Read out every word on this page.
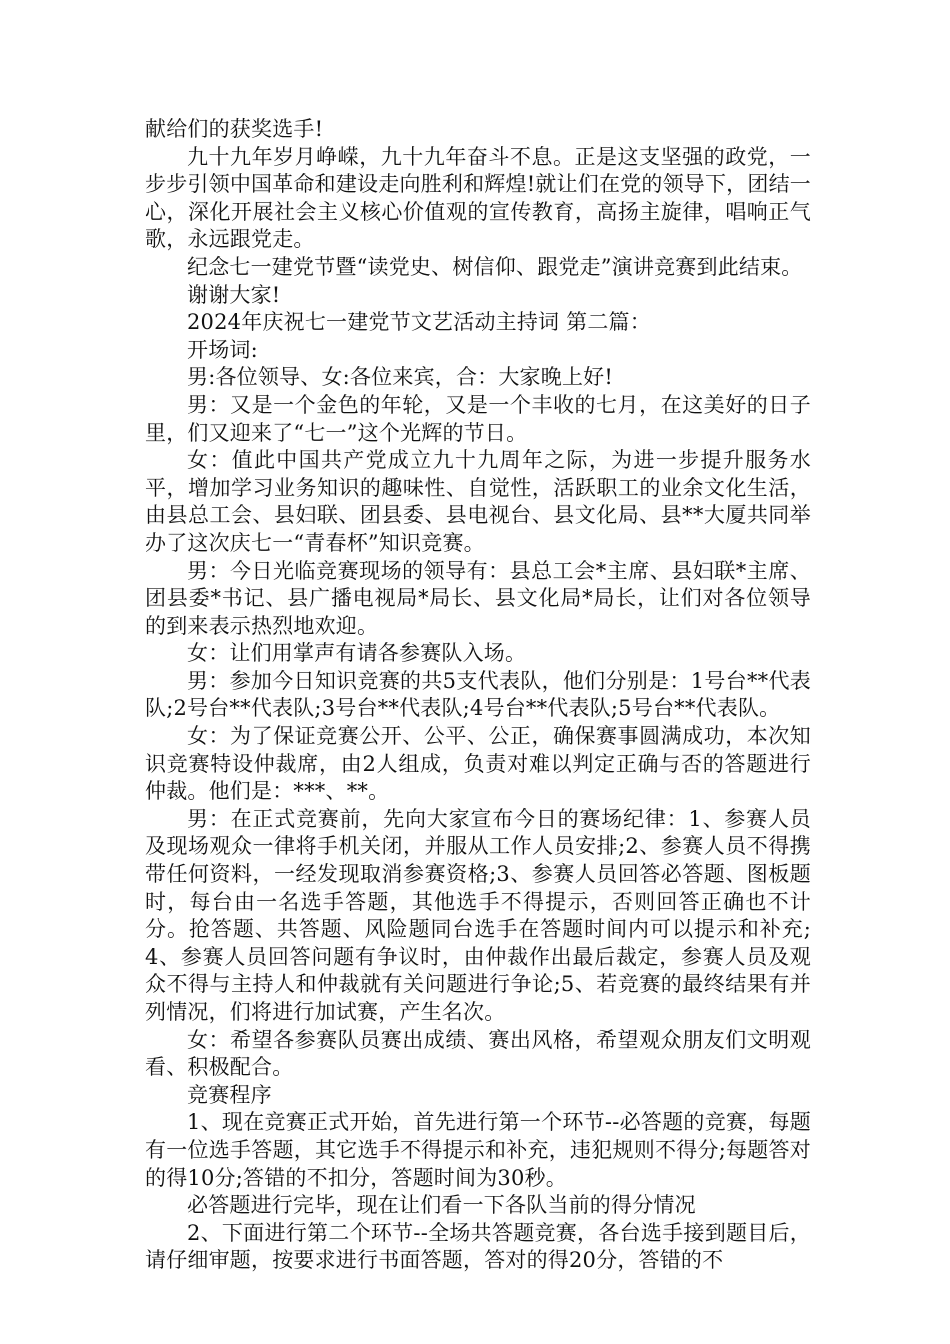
献给们的获奖选手!

九十九年岁月峥嵘，九十九年奋斗不息。正是这支坚强的政党，一步步引领中国革命和建设走向胜利和辉煌!就让们在党的领导下，团结一心，深化开展社会主义核心价值观的宣传教育，高扬主旋律，唱响正气歌，永远跟党走。

纪念七一建党节暨“读党史、树信仰、跟党走”演讲竞赛到此结束。

谢谢大家!

2024年庆祝七一建党节文艺活动主持词 第二篇：

开场词:

男:各位领导、女:各位来宾，合：大家晚上好!

男：又是一个金色的年轮，又是一个丰收的七月，在这美好的日子里，们又迎来了“七一”这个光辉的节日。

女：值此中国共产党成立九十九周年之际，为进一步提升服务水平，增加学习业务知识的趣味性、自觉性，活跃职工的业余文化生活，由县总工会、县妇联、团县委、县电视台、县文化局、县**大厦共同举办了这次庆七一“青春杯”知识竞赛。

男：今日光临竞赛现场的领导有：县总工会*主席、县妇联*主席、团县委*书记、县广播电视局*局长、县文化局*局长，让们对各位领导的到来表示热烈地欢迎。

女：让们用掌声有请各参赛队入场。

男：参加今日知识竞赛的共5支代表队，他们分别是：1号台**代表队;2号台**代表队;3号台**代表队;4号台**代表队;5号台**代表队。

女：为了保证竞赛公开、公平、公正，确保赛事圆满成功，本次知识竞赛特设仲裁席，由2人组成，负责对难以判定正确与否的答题进行仲裁。他们是：***、**。

男：在正式竞赛前，先向大家宣布今日的赛场纪律：1、参赛人员及现场观众一律将手机关闭，并服从工作人员安排;2、参赛人员不得携带任何资料，一经发现取消参赛资格;3、参赛人员回答必答题、图板题时，每台由一名选手答题，其他选手不得提示，否则回答正确也不计分。抢答题、共答题、风险题同台选手在答题时间内可以提示和补充;4、参赛人员回答问题有争议时，由仲裁作出最后裁定，参赛人员及观众不得与主持人和仲裁就有关问题进行争论;5、若竞赛的最终结果有并列情况，们将进行加试赛，产生名次。

女：希望各参赛队员赛出成绩、赛出风格，希望观众朋友们文明观看、积极配合。

竞赛程序

1、现在竞赛正式开始，首先进行第一个环节--必答题的竞赛，每题有一位选手答题，其它选手不得提示和补充，违犯规则不得分;每题答对的得10分;答错的不扣分，答题时间为30秒。

必答题进行完毕，现在让们看一下各队当前的得分情况

2、下面进行第二个环节--全场共答题竞赛，各台选手接到题目后，请仔细审题，按要求进行书面答题，答对的得20分，答错的不
